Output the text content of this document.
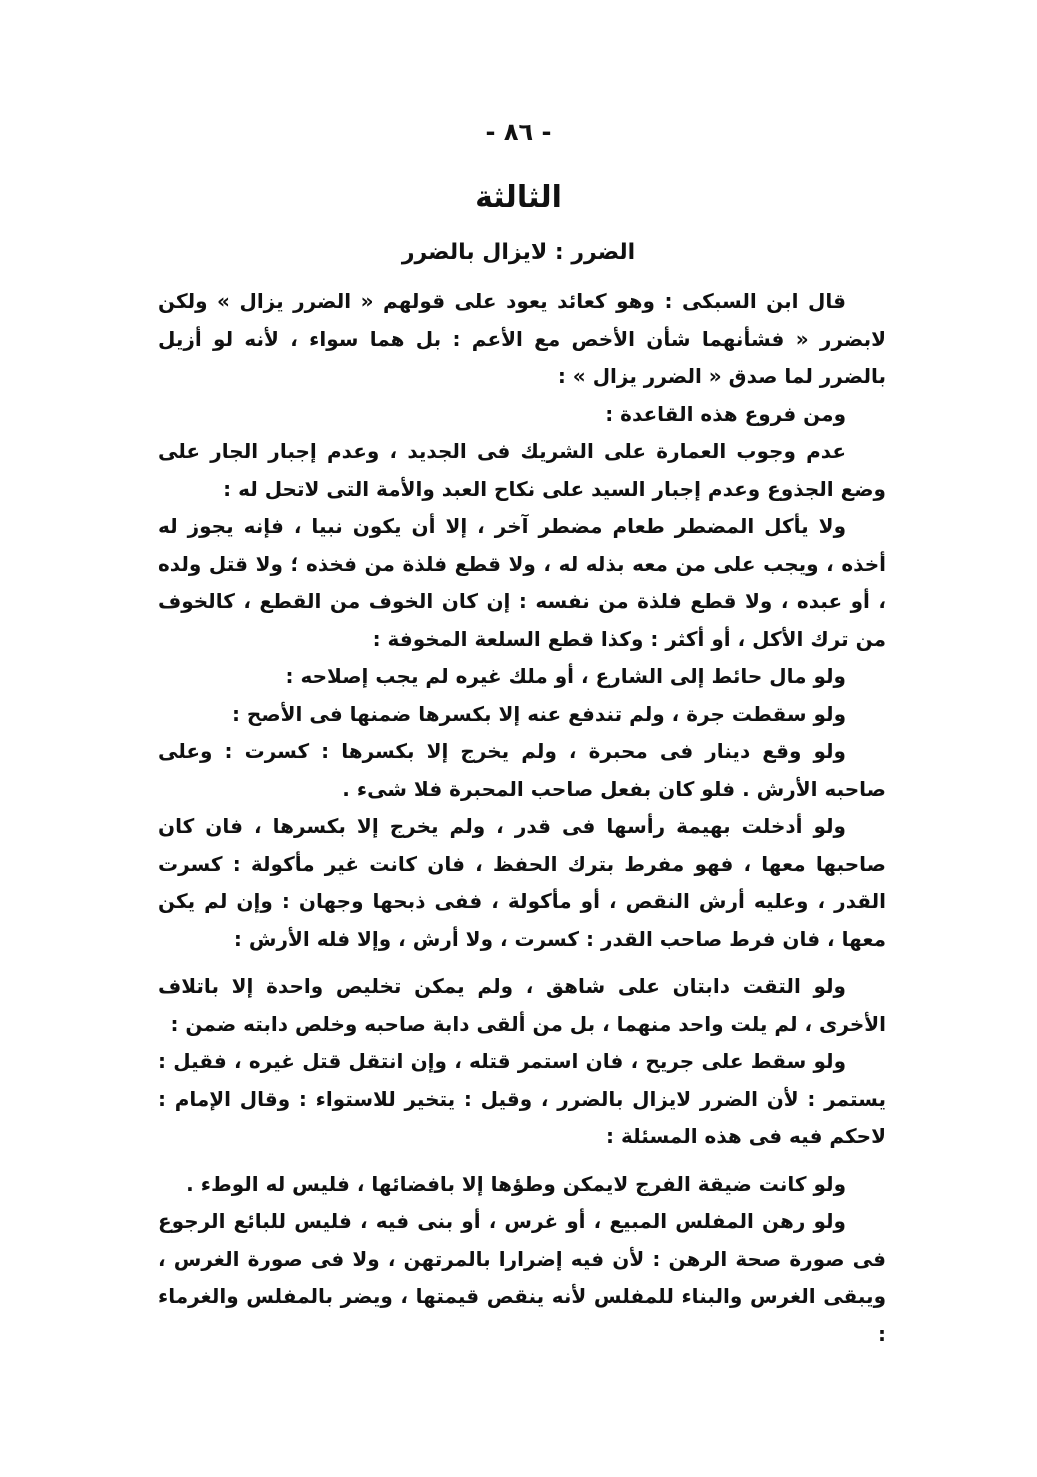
- ٨٦ -
الثالثة
الضرر : لايزال بالضرر

قال ابن السبكى : وهو كعائد يعود على قولهم « الضرر يزال » ولكن لابضرر « فشأنهما شأن الأخص مع الأعم : بل هما سواء ، لأنه لو أزيل بالضرر لما صدق « الضرر يزال » :

ومن فروع هذه القاعدة :

عدم وجوب العمارة على الشريك فى الجديد ، وعدم إجبار الجار على وضع الجذوع وعدم إجبار السيد على نكاح العبد والأمة التى لاتحل له :

ولا يأكل المضطر طعام مضطر آخر ، إلا أن يكون نبيا ، فإنه يجوز له أخذه ، ويجب على من معه بذله له ، ولا قطع فلذة من فخذه ؛ ولا قتل ولده ، أو عبده ، ولا قطع فلذة من نفسه : إن كان الخوف من القطع ، كالخوف من ترك الأكل ، أو أكثر : وكذا قطع السلعة المخوفة :

ولو مال حائط إلى الشارع ، أو ملك غيره لم يجب إصلاحه :

ولو سقطت جرة ، ولم تندفع عنه إلا بكسرها ضمنها فى الأصح :

ولو وقع دينار فى محبرة ، ولم يخرج إلا بكسرها : كسرت : وعلى صاحبه الأرش . فلو كان بفعل صاحب المحبرة فلا شىء .

ولو أدخلت بهيمة رأسها فى قدر ، ولم يخرج إلا بكسرها ، فان كان صاحبها معها ، فهو مفرط بترك الحفظ ، فان كانت غير مأكولة : كسرت القدر ، وعليه أرش النقص ، أو مأكولة ، ففى ذبحها وجهان : وإن لم يكن معها ، فان فرط صاحب القدر : كسرت ، ولا أرش ، وإلا فله الأرش :

ولو التقت دابتان على شاهق ، ولم يمكن تخليص واحدة إلا باتلاف الأخرى ، لم يلت واحد منهما ، بل من ألقى دابة صاحبه وخلص دابته ضمن :

ولو سقط على جريح ، فان استمر قتله ، وإن انتقل قتل غيره ، فقيل : يستمر : لأن الضرر لايزال بالضرر ، وقيل : يتخير للاستواء : وقال الإمام : لاحكم فيه فى هذه المسئلة :

ولو كانت ضيقة الفرج لايمكن وطؤها إلا بافضائها ، فليس له الوطء .

ولو رهن المفلس المبيع ، أو غرس ، أو بنى فيه ، فليس للبائع الرجوع فى صورة صحة الرهن : لأن فيه إضرارا بالمرتهن ، ولا فى صورة الغرس ، ويبقى الغرس والبناء للمفلس لأنه ينقص قيمتها ، ويضر بالمفلس والغرماء :
